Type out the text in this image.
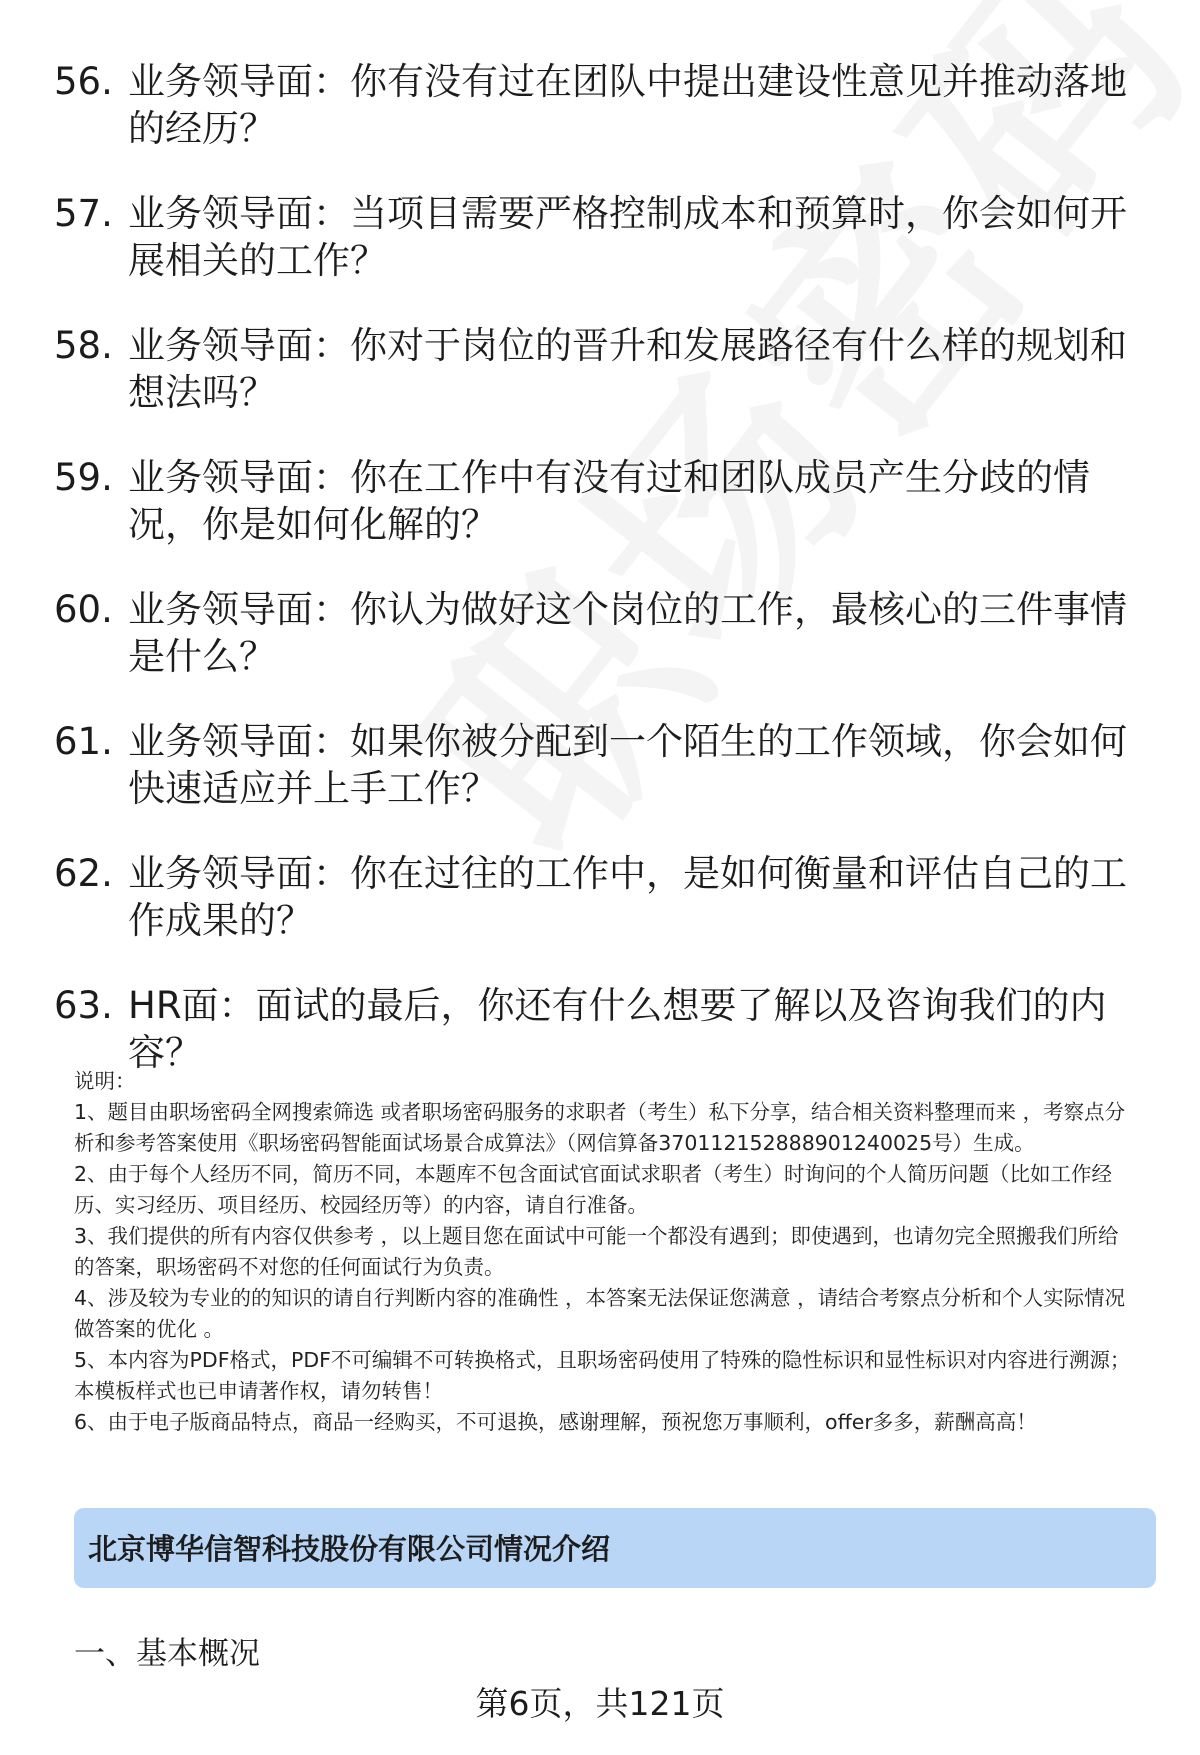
56. 业务领导面：你有没有过在团队中提出建设性意见并推动落地的经历？
57. 业务领导面：当项目需要严格控制成本和预算时，你会如何开展相关的工作？
58. 业务领导面：你对于岗位的晋升和发展路径有什么样的规划和想法吗？
59. 业务领导面：你在工作中有没有过和团队成员产生分歧的情况，你是如何化解的？
60. 业务领导面：你认为做好这个岗位的工作，最核心的三件事情是什么？
61. 业务领导面：如果你被分配到一个陌生的工作领域，你会如何快速适应并上手工作？
62. 业务领导面：你在过往的工作中，是如何衡量和评估自己的工作成果的？
63. HR面：面试的最后，你还有什么想要了解以及咨询我们的内容？

说明：

1、题目由职场密码全网搜索筛选 或者职场密码服务的求职者（考生）私下分享，结合相关资料整理而来 ，考察点分析和参考答案使用《职场密码智能面试场景合成算法》（网信算备370112152888901240025号）生成。

2、由于每个人经历不同，简历不同，本题库不包含面试官面试求职者（考生）时询问的个人简历问题（比如工作经历、实习经历、项目经历、校园经历等）的内容，请自行准备。

3、我们提供的所有内容仅供参考 ，以上题目您在面试中可能一个都没有遇到；即使遇到，也请勿完全照搬我们所给的答案，职场密码不对您的任何面试行为负责。

4、涉及较为专业的的知识的请自行判断内容的准确性 ，本答案无法保证您满意 ，请结合考察点分析和个人实际情况做答案的优化 。

5、本内容为PDF格式，PDF不可编辑不可转换格式，且职场密码使用了特殊的隐性标识和显性标识对内容进行溯源；本模板样式也已申请著作权，请勿转售！

6、由于电子版商品特点，商品一经购买，不可退换，感谢理解，预祝您万事顺利，offer多多，薪酬高高！

北京博华信智科技股份有限公司情况介绍
一、基本概况
第6页，共121页
